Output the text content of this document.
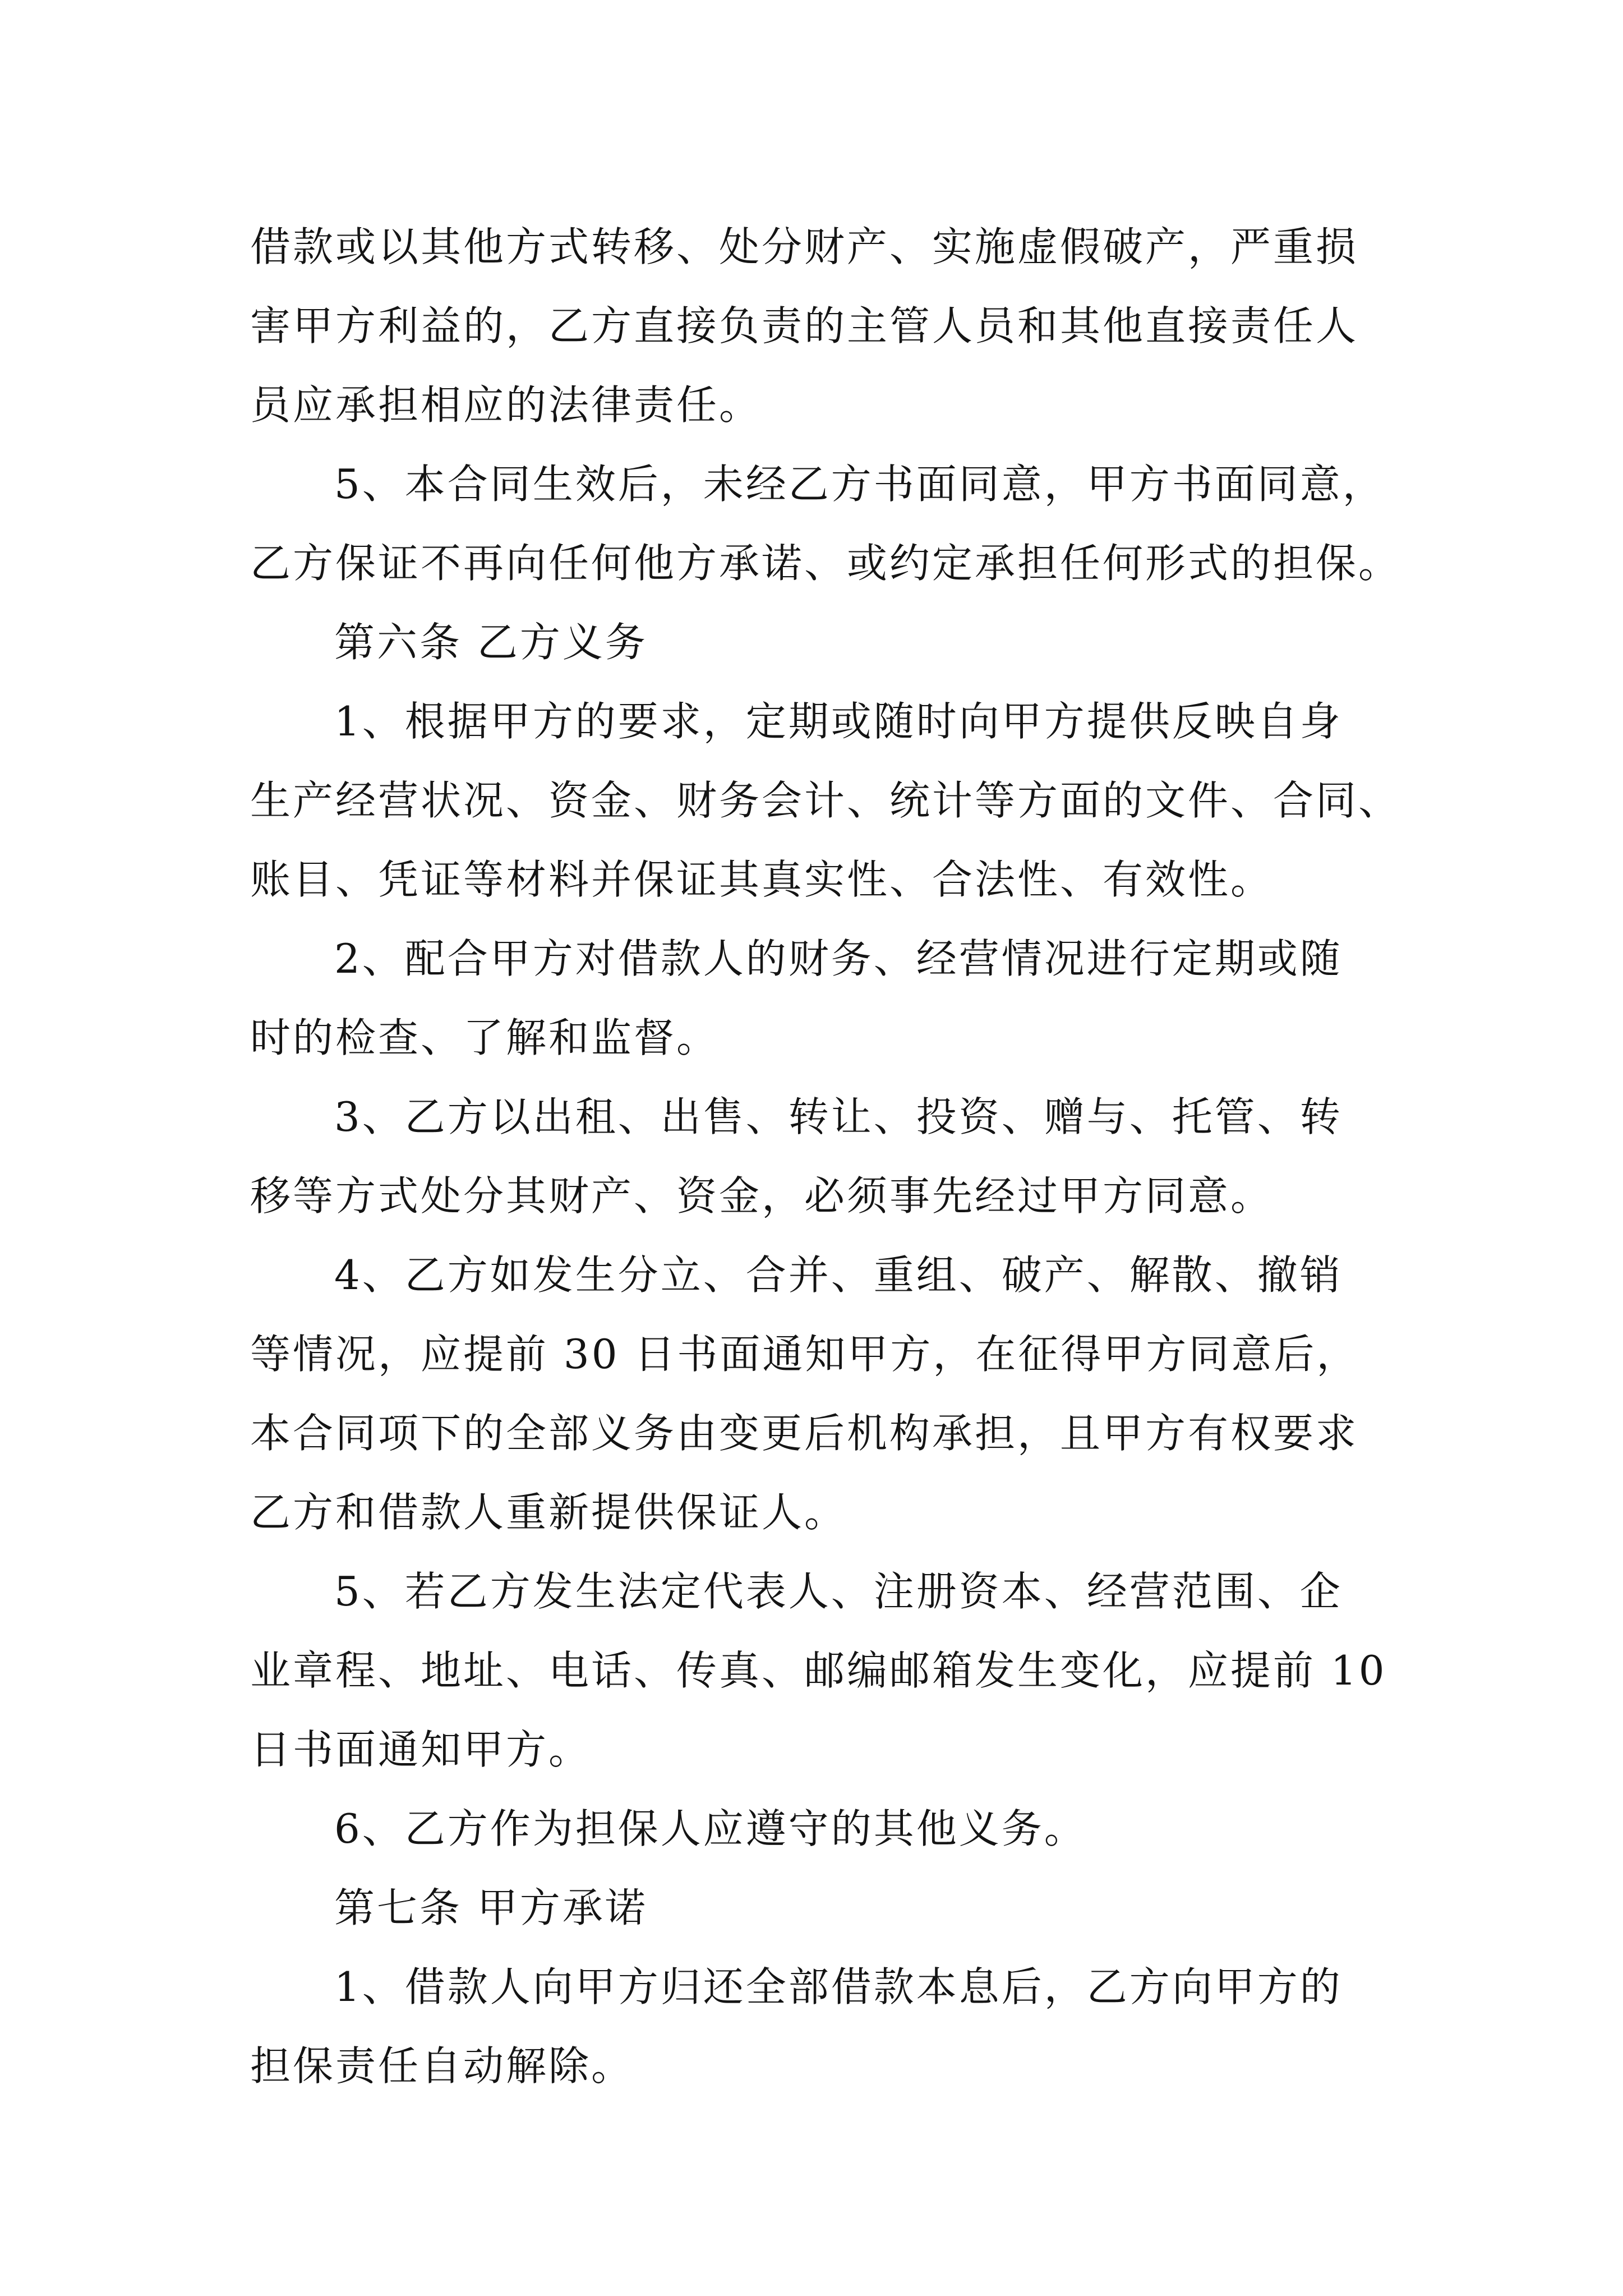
借款或以其他方式转移、处分财产、实施虚假破产，严重损
害甲方利益的，乙方直接负责的主管人员和其他直接责任人
员应承担相应的法律责任。
5、本合同生效后，未经乙方书面同意，甲方书面同意，
乙方保证不再向任何他方承诺、或约定承担任何形式的担保。
第六条 乙方义务
1、根据甲方的要求，定期或随时向甲方提供反映自身
生产经营状况、资金、财务会计、统计等方面的文件、合同、
账目、凭证等材料并保证其真实性、合法性、有效性。
2、配合甲方对借款人的财务、经营情况进行定期或随
时的检查、了解和监督。
3、乙方以出租、出售、转让、投资、赠与、托管、转
移等方式处分其财产、资金，必须事先经过甲方同意。
4、乙方如发生分立、合并、重组、破产、解散、撤销
等情况，应提前 30 日书面通知甲方，在征得甲方同意后，
本合同项下的全部义务由变更后机构承担，且甲方有权要求
乙方和借款人重新提供保证人。
5、若乙方发生法定代表人、注册资本、经营范围、企
业章程、地址、电话、传真、邮编邮箱发生变化，应提前 10
日书面通知甲方。
6、乙方作为担保人应遵守的其他义务。
第七条 甲方承诺
1、借款人向甲方归还全部借款本息后，乙方向甲方的
担保责任自动解除。
